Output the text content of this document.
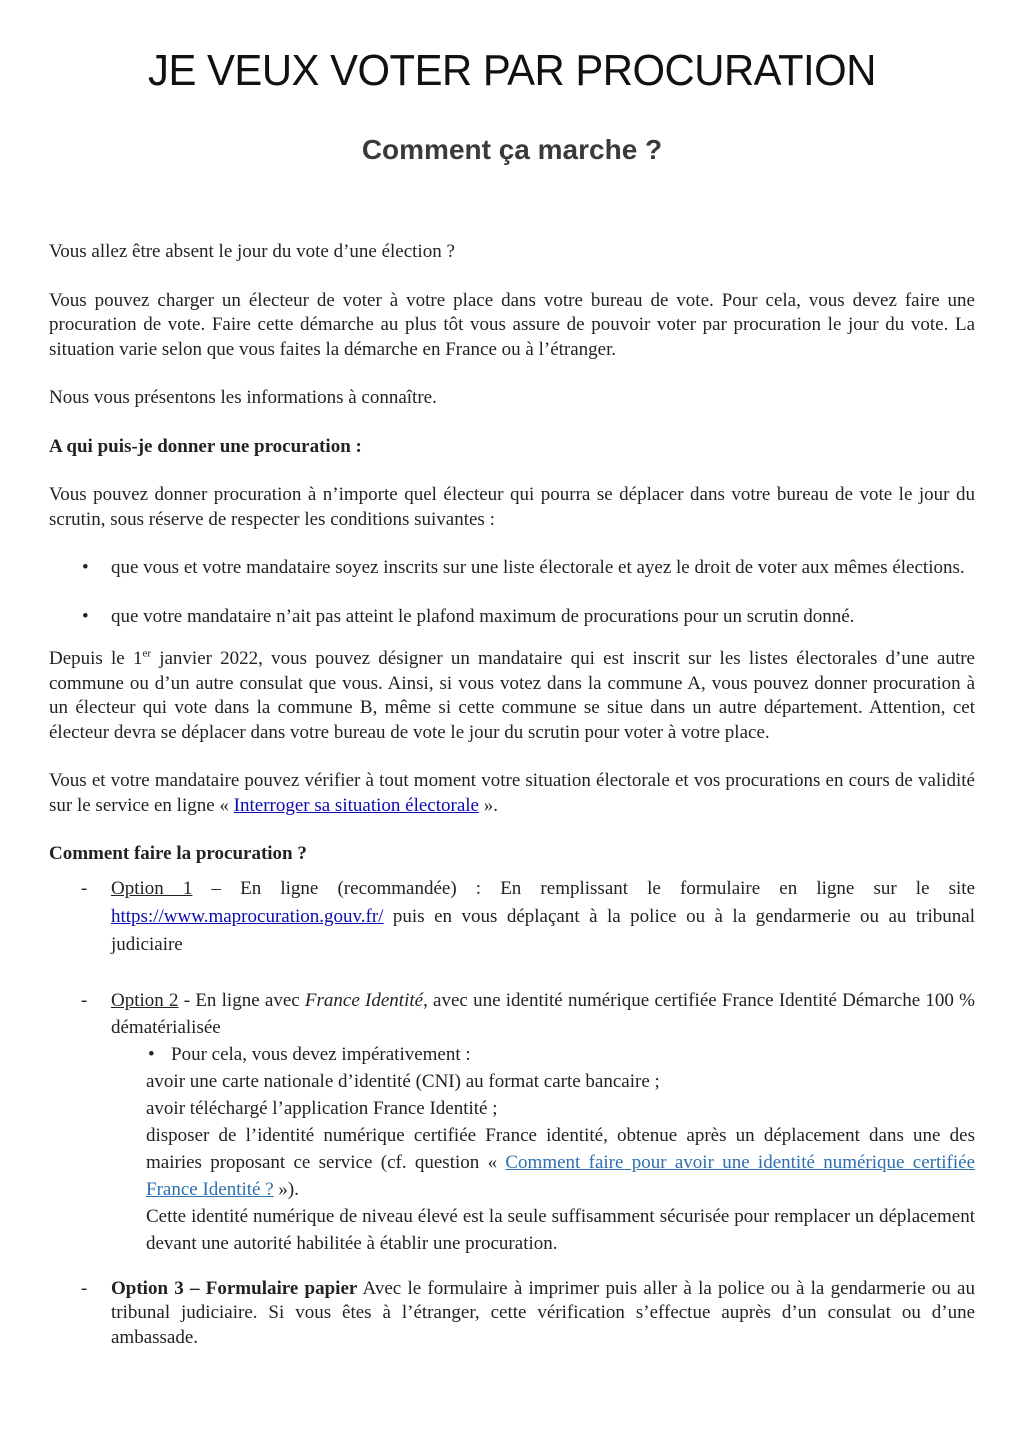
JE VEUX VOTER PAR PROCURATION
Comment ça marche ?

Vous allez être absent le jour du vote d’une élection ?

Vous pouvez charger un électeur de voter à votre place dans votre bureau de vote. Pour cela, vous devez faire une procuration de vote. Faire cette démarche au plus tôt vous assure de pouvoir voter par procuration le jour du vote. La situation varie selon que vous faites la démarche en France ou à l’étranger.

Nous vous présentons les informations à connaître.

A qui puis-je donner une procuration :

Vous pouvez donner procuration à n’importe quel électeur qui pourra se déplacer dans votre bureau de vote le jour du scrutin, sous réserve de respecter les conditions suivantes :

• que vous et votre mandataire soyez inscrits sur une liste électorale et ayez le droit de voter aux mêmes élections.
• que votre mandataire n’ait pas atteint le plafond maximum de procurations pour un scrutin donné.

Depuis le 1er janvier 2022, vous pouvez désigner un mandataire qui est inscrit sur les listes électorales d’une autre commune ou d’un autre consulat que vous. Ainsi, si vous votez dans la commune A, vous pouvez donner procuration à un électeur qui vote dans la commune B, même si cette commune se situe dans un autre département. Attention, cet électeur devra se déplacer dans votre bureau de vote le jour du scrutin pour voter à votre place.

Vous et votre mandataire pouvez vérifier à tout moment votre situation électorale et vos procurations en cours de validité sur le service en ligne « Interroger sa situation électorale ».

Comment faire la procuration ?

- Option 1 – En ligne (recommandée) : En remplissant le formulaire en ligne sur le site https://www.maprocuration.gouv.fr/ puis en vous déplaçant à la police ou à la gendarmerie ou au tribunal judiciaire
- Option 2 - En ligne avec France Identité, avec une identité numérique certifiée France Identité Démarche 100 % dématérialisée
• Pour cela, vous devez impérativement :

avoir une carte nationale d’identité (CNI) au format carte bancaire ;

avoir téléchargé l’application France Identité ;

disposer de l’identité numérique certifiée France identité, obtenue après un déplacement dans une des mairies proposant ce service (cf. question « Comment faire pour avoir une identité numérique certifiée France Identité ? »).

Cette identité numérique de niveau élevé est la seule suffisamment sécurisée pour remplacer un déplacement devant une autorité habilitée à établir une procuration.

- Option 3 – Formulaire papier Avec le formulaire à imprimer puis aller à la police ou à la gendarmerie ou au tribunal judiciaire. Si vous êtes à l’étranger, cette vérification s’effectue auprès d’un consulat ou d’une ambassade.
